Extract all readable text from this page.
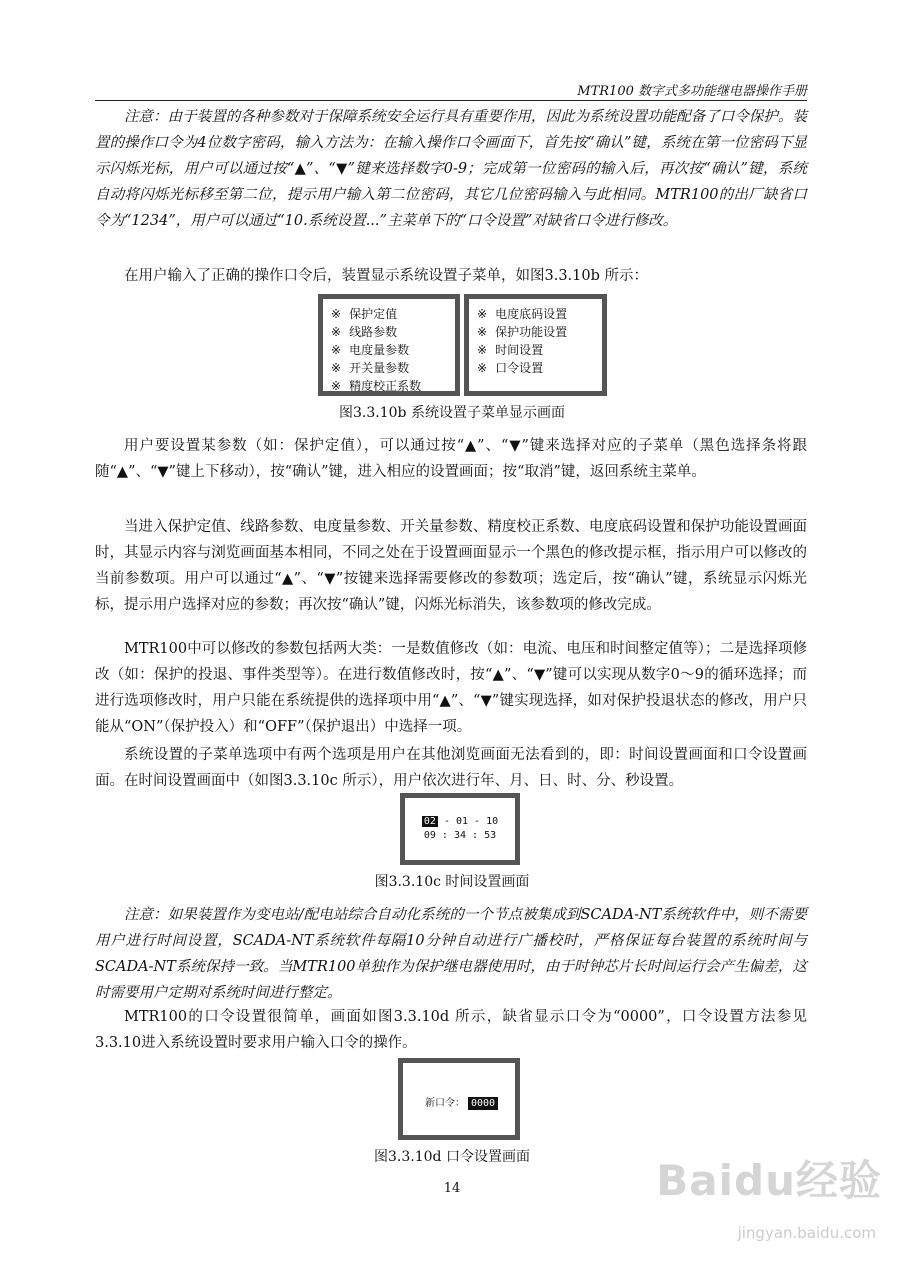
MTR100 数字式多功能继电器操作手册

注意：由于装置的各种参数对于保障系统安全运行具有重要作用，因此为系统设置功能配备了口令保护。装置的操作口令为4位数字密码，输入方法为：在输入操作口令画面下，首先按“确认”键，系统在第一位密码下显示闪烁光标，用户可以通过按“▲”、“▼”键来选择数字0-9；完成第一位密码的输入后，再次按“确认”键，系统自动将闪烁光标移至第二位，提示用户输入第二位密码，其它几位密码输入与此相同。MTR100的出厂缺省口令为“1234”，用户可以通过“10.系统设置...”主菜单下的“口令设置”对缺省口令进行修改。

在用户输入了正确的操作口令后，装置显示系统设置子菜单，如图3.3.10b 所示：

※ 保护定值
※ 线路参数
※ 电度量参数
※ 开关量参数
※ 精度校正系数
※ 电度底码设置
※ 保护功能设置
※ 时间设置
※ 口令设置

图3.3.10b 系统设置子菜单显示画面

用户要设置某参数（如：保护定值），可以通过按“▲”、“▼”键来选择对应的子菜单（黑色选择条将跟随“▲”、“▼”键上下移动），按“确认”键，进入相应的设置画面；按“取消”键，返回系统主菜单。

当进入保护定值、线路参数、电度量参数、开关量参数、精度校正系数、电度底码设置和保护功能设置画面时，其显示内容与浏览画面基本相同，不同之处在于设置画面显示一个黑色的修改提示框，指示用户可以修改的当前参数项。用户可以通过“▲”、“▼”按键来选择需要修改的参数项；选定后，按“确认”键，系统显示闪烁光标，提示用户选择对应的参数；再次按“确认”键，闪烁光标消失，该参数项的修改完成。

MTR100中可以修改的参数包括两大类：一是数值修改（如：电流、电压和时间整定值等）；二是选择项修改（如：保护的投退、事件类型等）。在进行数值修改时，按“▲”、“▼”键可以实现从数字0～9的循环选择；而进行选项修改时，用户只能在系统提供的选择项中用“▲”、“▼”键实现选择，如对保护投退状态的修改，用户只能从“ON”（保护投入）和“OFF”（保护退出）中选择一项。

系统设置的子菜单选项中有两个选项是用户在其他浏览画面无法看到的，即：时间设置画面和口令设置画面。在时间设置画面中（如图3.3.10c 所示），用户依次进行年、月、日、时、分、秒设置。

02 - 01 - 10
09 : 34 : 53

图3.3.10c 时间设置画面

注意：如果装置作为变电站/配电站综合自动化系统的一个节点被集成到SCADA-NT系统软件中，则不需要用户进行时间设置，SCADA-NT系统软件每隔10分钟自动进行广播校时，严格保证每台装置的系统时间与SCADA-NT系统保持一致。当MTR100单独作为保护继电器使用时，由于时钟芯片长时间运行会产生偏差，这时需要用户定期对系统时间进行整定。

MTR100的口令设置很简单，画面如图3.3.10d 所示，缺省显示口令为“0000”，口令设置方法参见3.3.10进入系统设置时要求用户输入口令的操作。

新口令： 0000

图3.3.10d 口令设置画面

14	Baidu经验
jingyan.baidu.com
